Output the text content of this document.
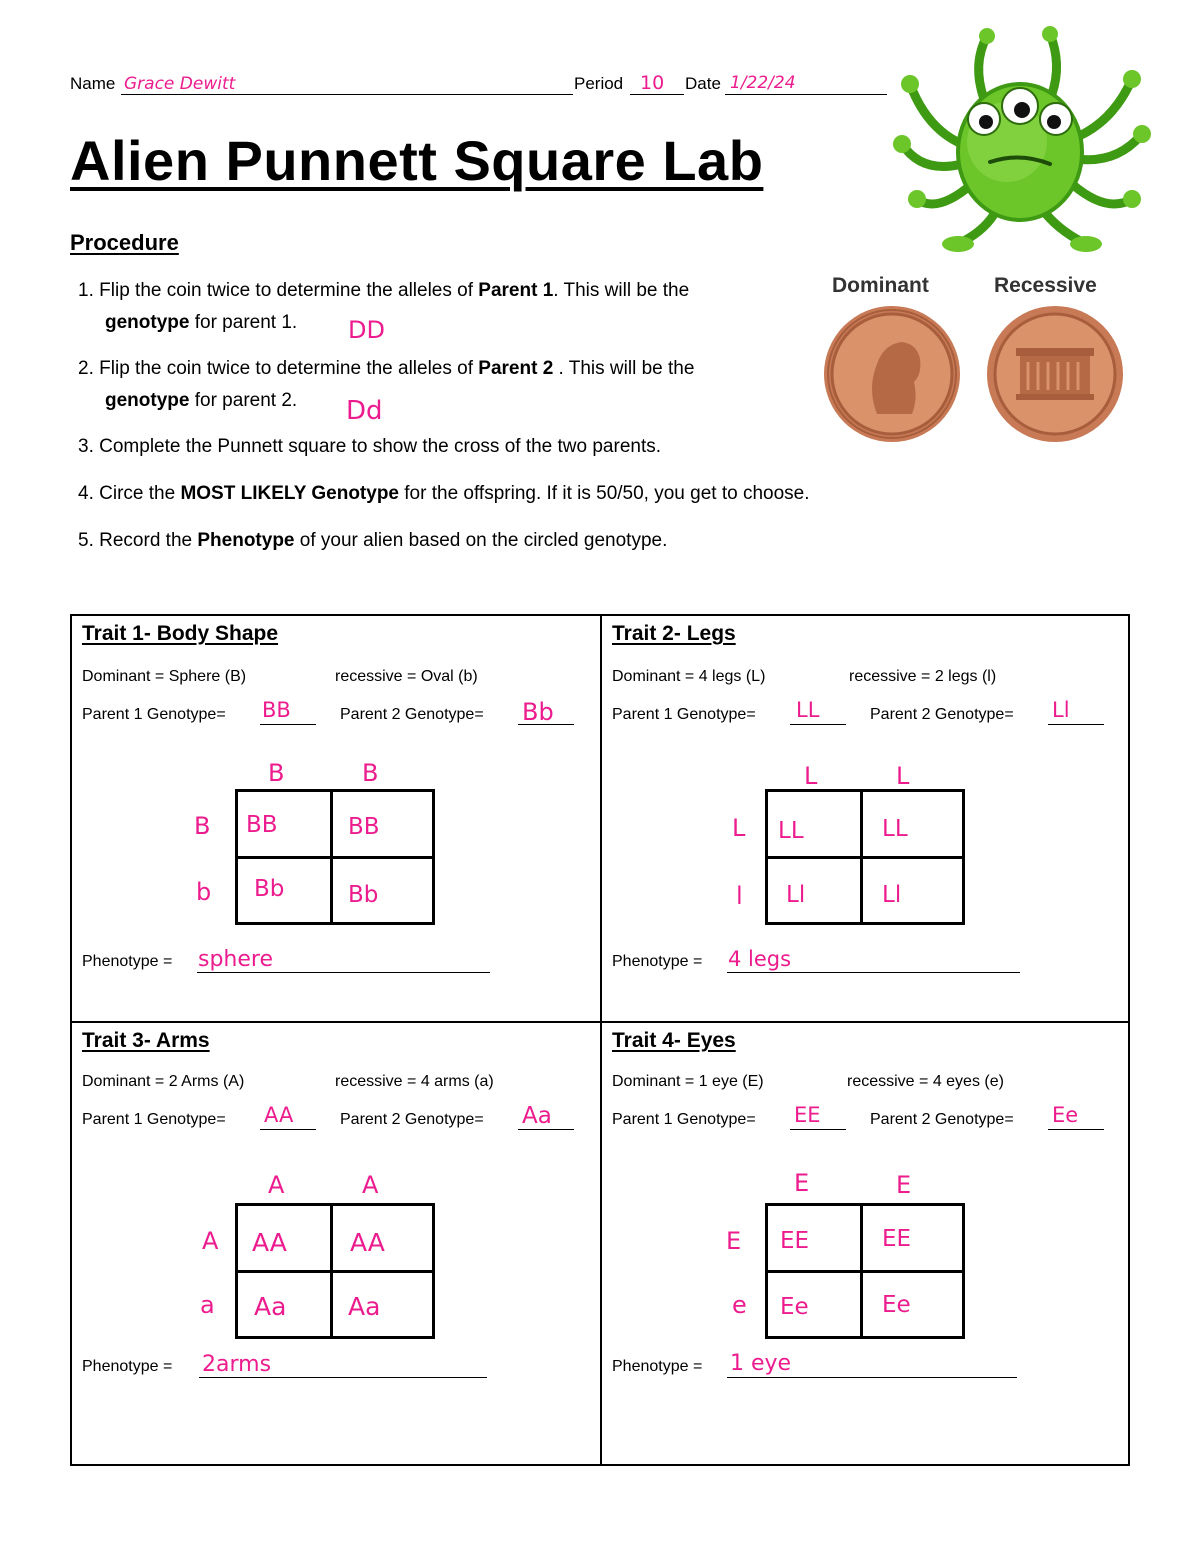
Name Grace Dewitt	Period 10 Date 1/22/24
Alien Punnett Square Lab
Procedure
1. Flip the coin twice to determine the alleles of Parent 1. This will be the
genotype for parent 1.	DD
2. Flip the coin twice to determine the alleles of Parent 2 . This will be the
genotype for parent 2.	Dd
3. Complete the Punnett square to show the cross of the two parents.
4. Circe the MOST LIKELY Genotype for the offspring. If it is 50/50, you get to choose.
5. Record the Phenotype of your alien based on the circled genotype.
Dominant	Recessive
Trait 1- Body Shape
Dominant = Sphere (B)	recessive = Oval (b)
Parent 1 Genotype= BB	Parent 2 Genotype= Bb
B	B
B
b
BB	BB
Bb	Bb
Phenotype = sphere
Trait 2- Legs
Dominant = 4 legs (L)	recessive = 2 legs (l)
Parent 1 Genotype= LL	Parent 2 Genotype= Ll
L	L
L
l
LL	LL
Ll	Ll
Phenotype = 4 legs
Trait 3- Arms
Dominant = 2 Arms (A)	recessive = 4 arms (a)
Parent 1 Genotype= AA	Parent 2 Genotype= Aa
A	A
A
a
AA	AA
Aa Aa
Phenotype = 2arms
Trait 4- Eyes
Dominant = 1 eye (E)	recessive = 4 eyes (e)
Parent 1 Genotype= EE	Parent 2 Genotype= Ee
E	E
E
e
EE	EE
Ee	Ee
Phenotype = 1 eye
